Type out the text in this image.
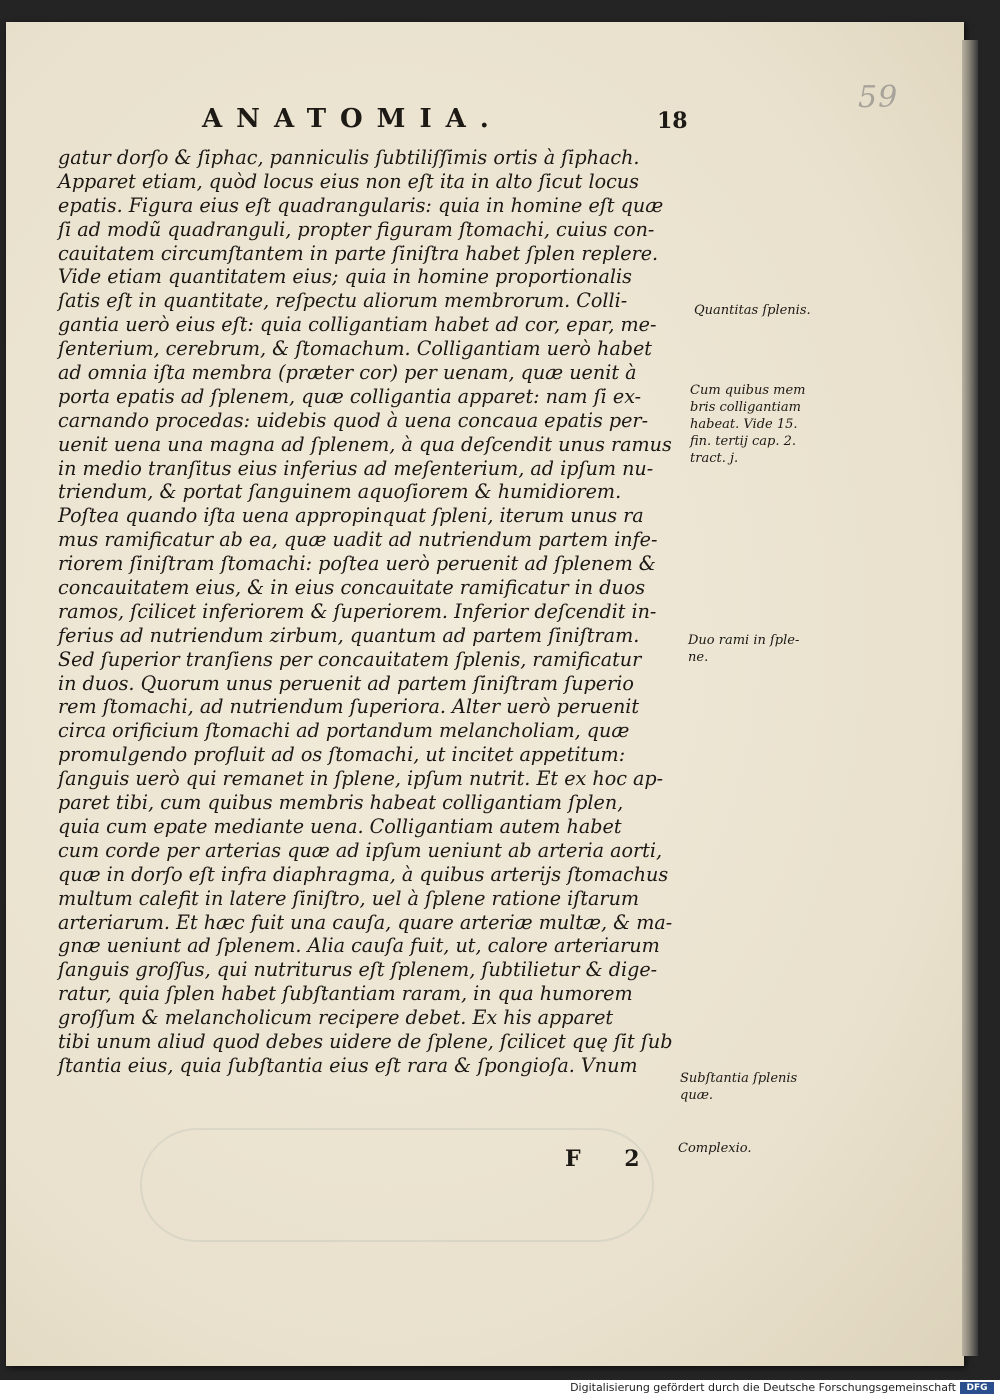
59
ANATOMIA.	18
gatur dorſo & ſiphac, panniculis ſubtiliſſimis ortis à ſiphach.
Apparet etiam, quòd locus eius non eſt ita in alto ſicut locus
epatis. Figura eius eſt quadrangularis: quia in homine eſt quæ
ſi ad modũ quadranguli, propter figuram ſtomachi, cuius con-
cauitatem circumſtantem in parte ſiniſtra habet ſplen replere.
Vide etiam quantitatem eius; quia in homine proportionalis
ſatis eſt in quantitate, reſpectu aliorum membrorum. Colli-
gantia uerò eius eſt: quia colligantiam habet ad cor, epar, me-
ſenterium, cerebrum, & ſtomachum. Colligantiam uerò habet
ad omnia iſta membra (præter cor) per uenam, quæ uenit à
porta epatis ad ſplenem, quæ colligantia apparet: nam ſi ex-
carnando procedas: uidebis quod à uena concaua epatis per-
uenit uena una magna ad ſplenem, à qua deſcendit unus ramus
in medio tranſitus eius inferius ad meſenterium, ad ipſum nu-
triendum, & portat ſanguinem aquoſiorem & humidiorem.
Poſtea quando iſta uena appropinquat ſpleni, iterum unus ra
mus ramificatur ab ea, quæ uadit ad nutriendum partem infe-
riorem ſiniſtram ſtomachi: poſtea uerò peruenit ad ſplenem &
concauitatem eius, & in eius concauitate ramificatur in duos
ramos, ſcilicet inferiorem & ſuperiorem. Inferior deſcendit in-
ferius ad nutriendum zirbum, quantum ad partem ſiniſtram.
Sed ſuperior tranſiens per concauitatem ſplenis, ramificatur
in duos. Quorum unus peruenit ad partem ſiniſtram ſuperio
rem ſtomachi, ad nutriendum ſuperiora. Alter uerò peruenit
circa orificium ſtomachi ad portandum melancholiam, quæ
promulgendo profluit ad os ſtomachi, ut incitet appetitum:
ſanguis uerò qui remanet in ſplene, ipſum nutrit. Et ex hoc ap-
paret tibi, cum quibus membris habeat colligantiam ſplen,
quia cum epate mediante uena. Colligantiam autem habet
cum corde per arterias quæ ad ipſum ueniunt ab arteria aorti,
quæ in dorſo eſt infra diaphragma, à quibus arterijs ſtomachus
multum calefit in latere ſiniſtro, uel à ſplene ratione iſtarum
arteriarum. Et hæc fuit una cauſa, quare arteriæ multæ, & ma-
gnæ ueniunt ad ſplenem. Alia cauſa fuit, ut, calore arteriarum
ſanguis groſſus, qui nutriturus eſt ſplenem, ſubtilietur & dige-
ratur, quia ſplen habet ſubſtantiam raram, in qua humorem
groſſum & melancholicum recipere debet. Ex his apparet
tibi unum aliud quod debes uidere de ſplene, ſcilicet quę ſit ſub
ſtantia eius, quia ſubſtantia eius eſt rara & ſpongioſa. Vnum
Quantitas ſplenis.
Cum quibus mem
bris colligantiam
habeat. Vide 15.
fin. tertij cap. 2.
tract. j.
Duo rami in ſple-
ne.
Subſtantia ſplenis
quæ.
Complexio.
F 2
Digitalisierung gefördert durch die Deutsche Forschungsgemeinschaft	DFG
